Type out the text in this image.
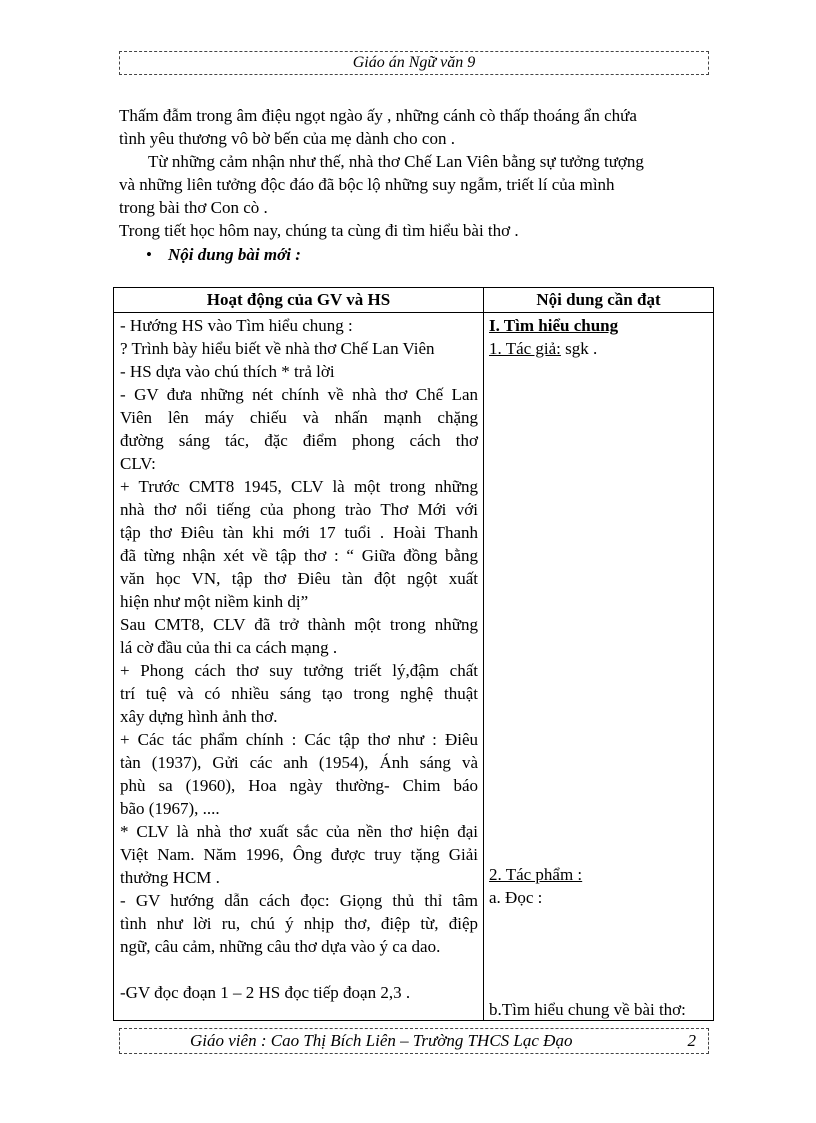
Giáo án Ngữ văn 9
Thấm đẫm trong âm điệu ngọt ngào ấy , những cánh cò thấp thoáng ẩn chứa
tình yêu thương vô bờ bến của mẹ dành cho con .
Từ những cảm nhận như thế, nhà thơ Chế Lan Viên bằng sự tưởng tượng
và những liên tưởng độc đáo đã bộc lộ những suy ngẫm, triết lí của mình
trong bài thơ Con cò .
Trong tiết học hôm nay, chúng ta cùng đi tìm hiểu bài thơ .
• Nội dung bài mới :
Hoạt động của GV và HS	Nội dung cần đạt
- Hướng HS vào Tìm hiểu chung :
? Trình bày hiểu biết về nhà thơ Chế Lan Viên
- HS dựa vào chú thích * trả lời
- GV đưa những nét chính về nhà thơ Chế Lan
Viên lên máy chiếu và nhấn mạnh chặng
đường sáng tác, đặc điểm phong cách thơ
CLV:
+ Trước CMT8 1945, CLV là một trong những
nhà thơ nổi tiếng của phong trào Thơ Mới với
tập thơ Điêu tàn khi mới 17 tuổi . Hoài Thanh
đã từng nhận xét về tập thơ : “ Giữa đồng bằng
văn học VN, tập thơ Điêu tàn đột ngột xuất
hiện như một niềm kinh dị”
Sau CMT8, CLV đã trở thành một trong những
lá cờ đầu của thi ca cách mạng .
+ Phong cách thơ suy tưởng triết lý,đậm chất
trí tuệ và có nhiều sáng tạo trong nghệ thuật
xây dựng hình ảnh thơ.
+ Các tác phẩm chính : Các tập thơ như : Điêu
tàn (1937), Gửi các anh (1954), Ánh sáng và
phù sa (1960), Hoa ngày thường- Chim báo
bão (1967), ....
* CLV là nhà thơ xuất sắc của nền thơ hiện đại
Việt Nam. Năm 1996, Ông được truy tặng Giải
thưởng HCM .
- GV hướng dẫn cách đọc: Giọng thủ thỉ tâm
tình như lời ru, chú ý nhịp thơ, điệp từ, điệp
ngữ, câu cảm, những câu thơ dựa vào ý ca dao.
-GV đọc đoạn 1 – 2 HS đọc tiếp đoạn 2,3 .
I. Tìm hiểu chung
1. Tác giả: sgk .
2. Tác phẩm :
a. Đọc :
b.Tìm hiểu chung về bài thơ:
Giáo viên : Cao Thị Bích Liên – Trường THCS Lạc Đạo	2
